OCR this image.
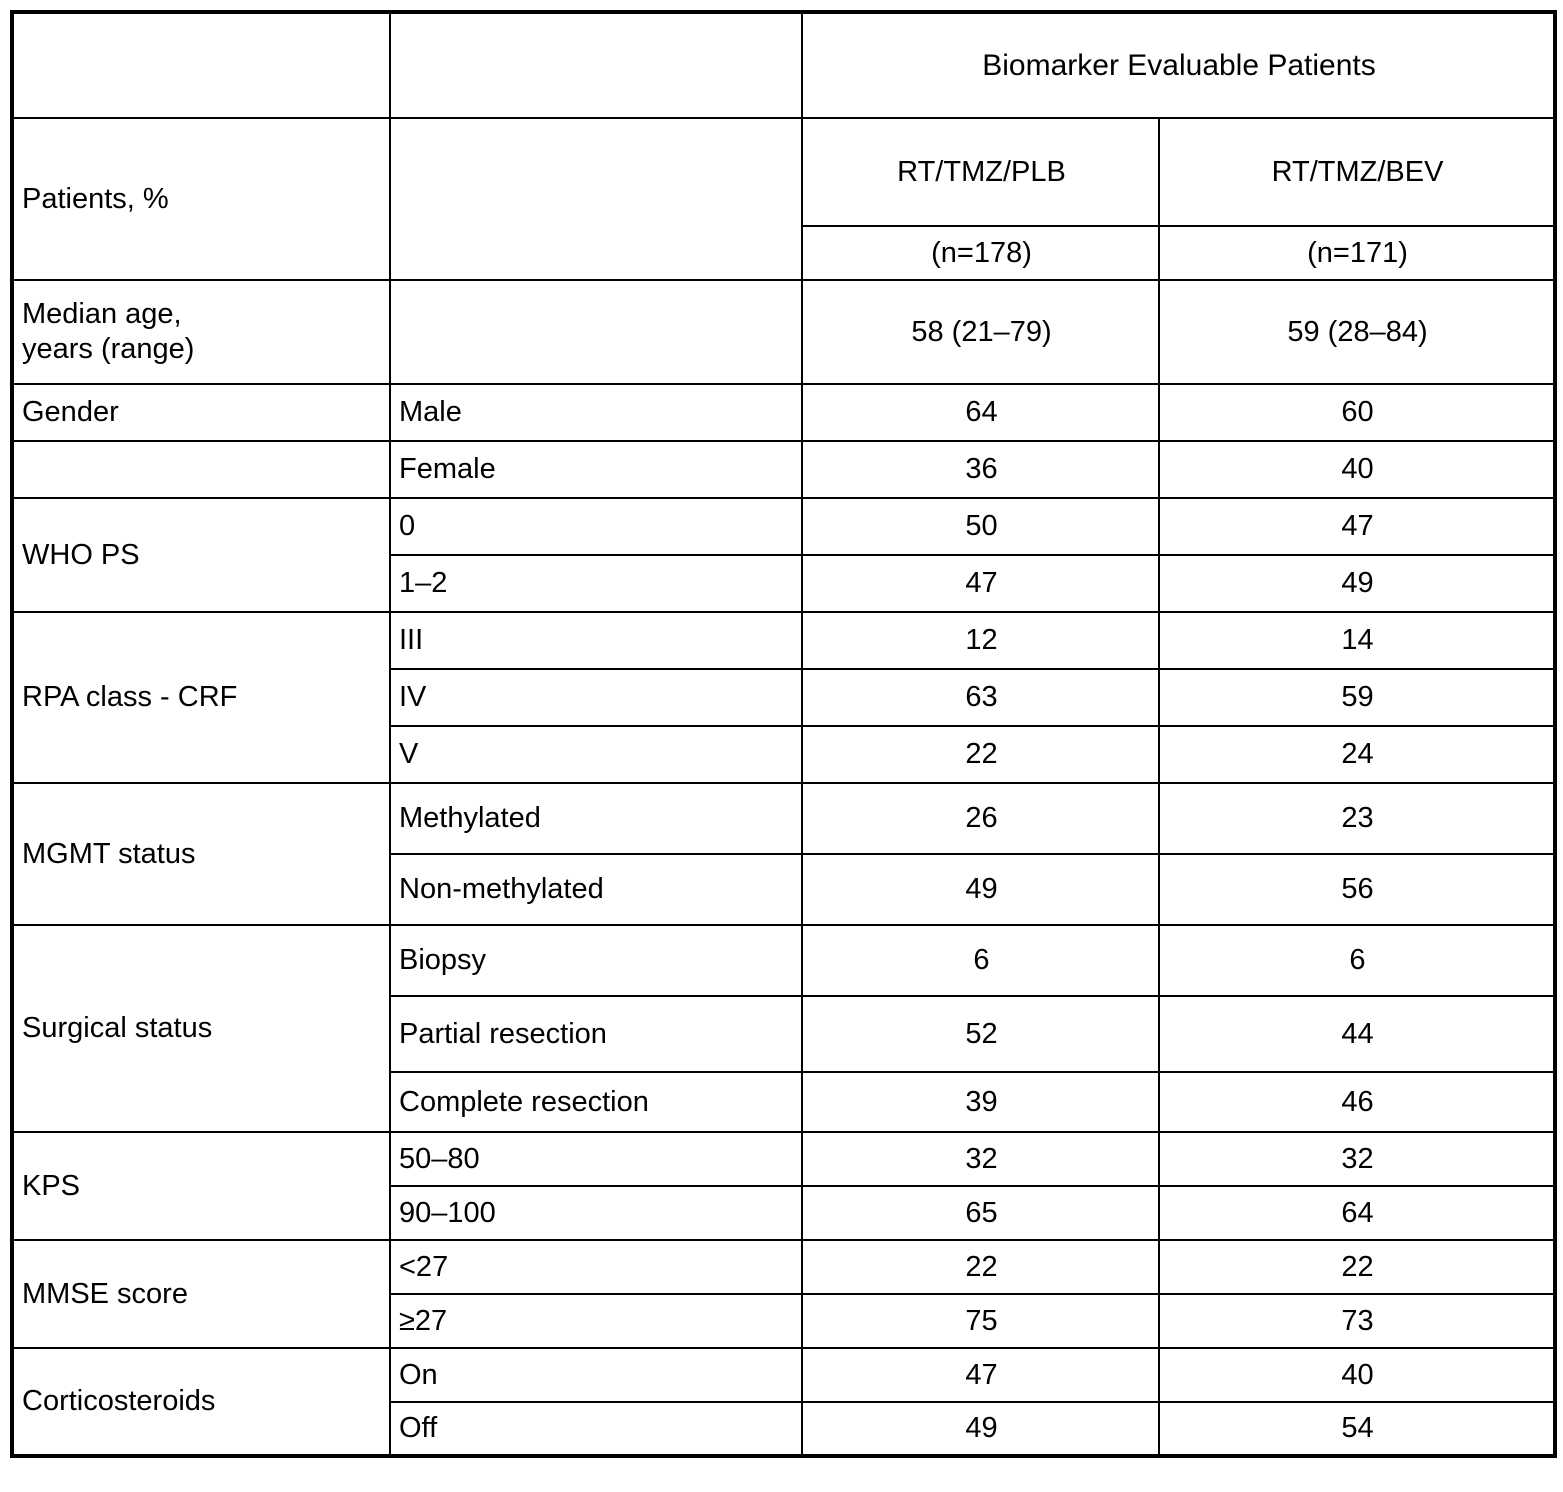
		Biomarker Evaluable Patients	
Patients, %		RT/TMZ/PLB	RT/TMZ/BEV
		(n=178)	(n=171)

Median age,
years (range)		58 (21–79)	59 (28–84)
Gender	Male	64	60
	Female	36	40
WHO PS	0	50	47
	1–2	47	49
RPA class - CRF	III	12	14
	IV	63	59
	V	22	24
MGMT status	Methylated	26	23
	Non-methylated	49	56
Surgical status	Biopsy	6	6
	Partial resection	52	44
	Complete resection	39	46
KPS	50–80	32	32
	90–100	65	64
MMSE score	<27	22	22
	≥27	75	73
Corticosteroids	On	47	40
	Off	49	54
